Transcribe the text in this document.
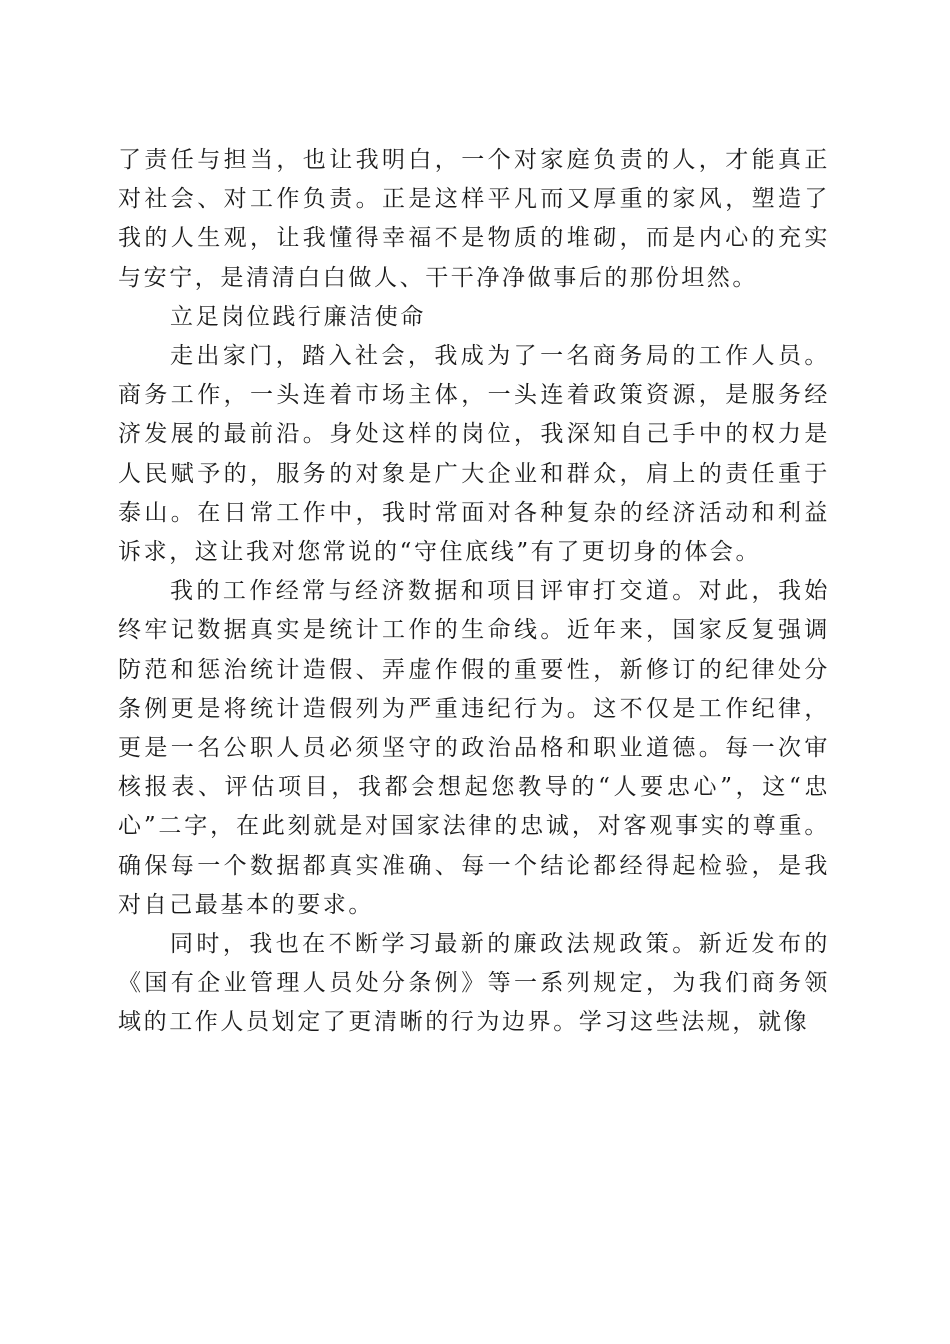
了责任与担当，也让我明白，一个对家庭负责的人，才能真正对社会、对工作负责。正是这样平凡而又厚重的家风，塑造了我的人生观，让我懂得幸福不是物质的堆砌，而是内心的充实与安宁，是清清白白做人、干干净净做事后的那份坦然。

立足岗位践行廉洁使命

走出家门，踏入社会，我成为了一名商务局的工作人员。商务工作，一头连着市场主体，一头连着政策资源，是服务经济发展的最前沿。身处这样的岗位，我深知自己手中的权力是人民赋予的，服务的对象是广大企业和群众，肩上的责任重于泰山。在日常工作中，我时常面对各种复杂的经济活动和利益诉求，这让我对您常说的“守住底线”有了更切身的体会。

我的工作经常与经济数据和项目评审打交道。对此，我始终牢记数据真实是统计工作的生命线。近年来，国家反复强调防范和惩治统计造假、弄虚作假的重要性，新修订的纪律处分条例更是将统计造假列为严重违纪行为。这不仅是工作纪律，更是一名公职人员必须坚守的政治品格和职业道德。每一次审核报表、评估项目，我都会想起您教导的“人要忠心”，这“忠心”二字，在此刻就是对国家法律的忠诚，对客观事实的尊重。确保每一个数据都真实准确、每一个结论都经得起检验，是我对自己最基本的要求。

同时，我也在不断学习最新的廉政法规政策。新近发布的《国有企业管理人员处分条例》等一系列规定，为我们商务领域的工作人员划定了更清晰的行为边界。学习这些法规，就像
